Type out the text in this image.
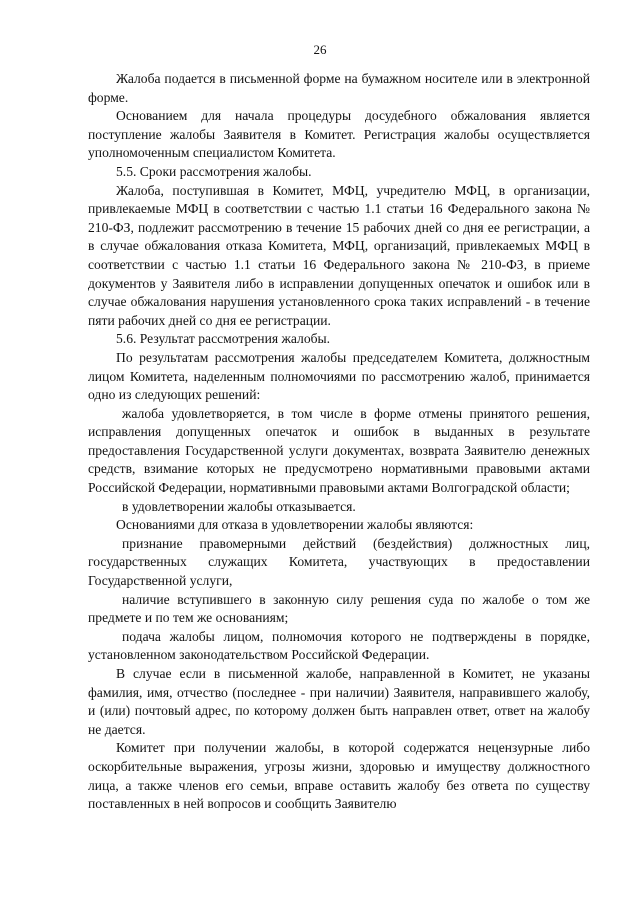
26

Жалоба подается в письменной форме на бумажном носителе или в электронной форме.

Основанием для начала процедуры досудебного обжалования является поступление жалобы Заявителя в Комитет. Регистрация жалобы осуществляется уполномоченным специалистом Комитета.

5.5. Сроки рассмотрения жалобы.

Жалоба, поступившая в Комитет, МФЦ, учредителю МФЦ, в организации, привлекаемые МФЦ в соответствии с частью 1.1 статьи 16 Федерального закона № 210-ФЗ, подлежит рассмотрению в течение 15 рабочих дней со дня ее регистрации, а в случае обжалования отказа Комитета, МФЦ, организаций, привлекаемых МФЦ в соответствии с частью 1.1 статьи 16 Федерального закона № 210-ФЗ, в приеме документов у Заявителя либо в исправлении допущенных опечаток и ошибок или в случае обжалования нарушения установленного срока таких исправлений - в течение пяти рабочих дней со дня ее регистрации.

5.6. Результат рассмотрения жалобы.

По результатам рассмотрения жалобы председателем Комитета, должностным лицом Комитета, наделенным полномочиями по рассмотрению жалоб, принимается одно из следующих решений:

жалоба удовлетворяется, в том числе в форме отмены принятого решения, исправления допущенных опечаток и ошибок в выданных в результате предоставления Государственной услуги документах, возврата Заявителю денежных средств, взимание которых не предусмотрено нормативными правовыми актами Российской Федерации, нормативными правовыми актами Волгоградской области;

в удовлетворении жалобы отказывается.

Основаниями для отказа в удовлетворении жалобы являются:

признание правомерными действий (бездействия) должностных лиц, государственных служащих Комитета, участвующих в предоставлении Государственной услуги,

наличие вступившего в законную силу решения суда по жалобе о том же предмете и по тем же основаниям;

подача жалобы лицом, полномочия которого не подтверждены в порядке, установленном законодательством Российской Федерации.

В случае если в письменной жалобе, направленной в Комитет, не указаны фамилия, имя, отчество (последнее - при наличии) Заявителя, направившего жалобу, и (или) почтовый адрес, по которому должен быть направлен ответ, ответ на жалобу не дается.

Комитет при получении жалобы, в которой содержатся нецензурные либо оскорбительные выражения, угрозы жизни, здоровью и имуществу должностного лица, а также членов его семьи, вправе оставить жалобу без ответа по существу поставленных в ней вопросов и сообщить Заявителю
